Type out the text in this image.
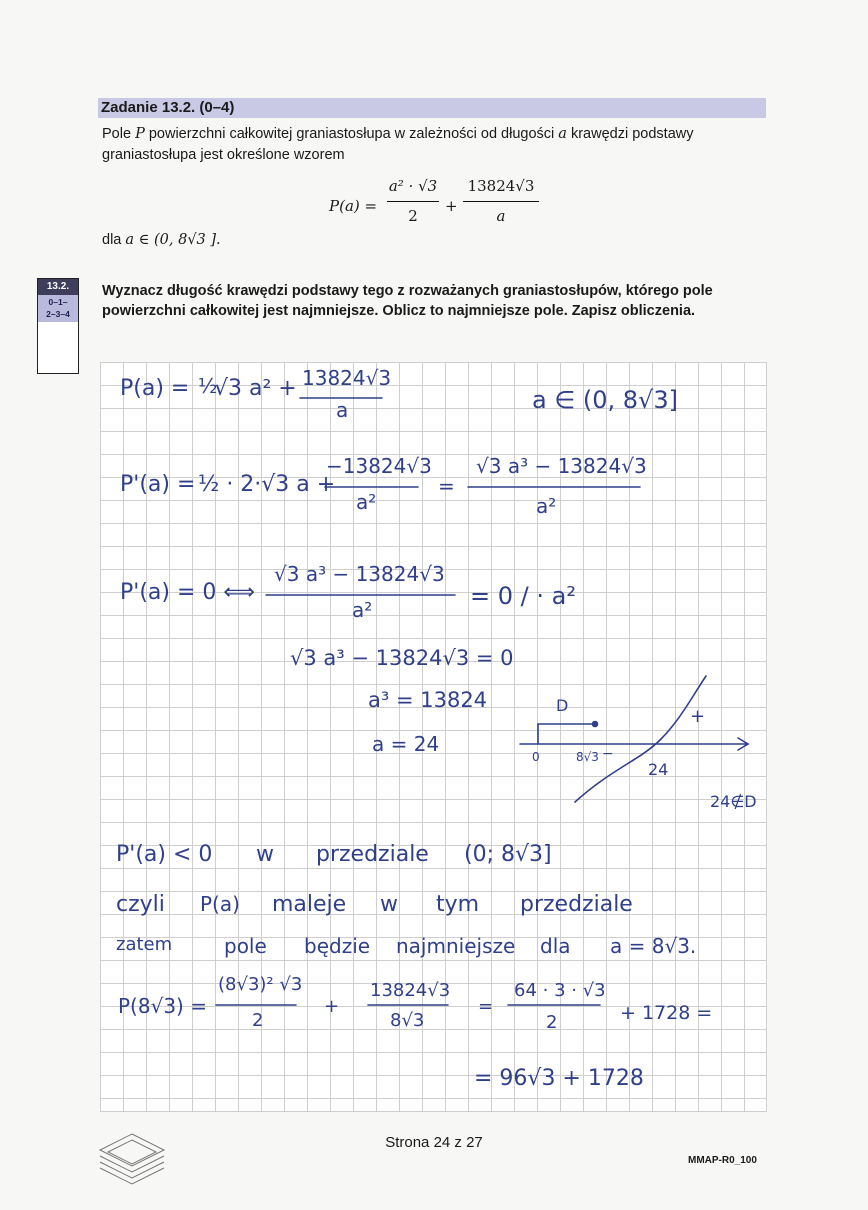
Zadanie 13.2. (0–4)
Pole P powierzchni całkowitej graniastosłupa w zależności od długości a krawędzi podstawy graniastosłupa jest określone wzorem
P(a) =
a² · √3
2
+
13824√3
a
dla a ∈ (0, 8√3 ].
13.2.
0–1–
2–3–4
Wyznacz długość krawędzi podstawy tego z rozważanych graniastosłupów, którego pole powierzchni całkowitej jest najmniejsze. Oblicz to najmniejsze pole. Zapisz obliczenia.
P(a) = ½
√3 a² + 13824√3
a	a ∈ (0, 8√3]
P'(a) = ½ · 2·√3 a +
−13824√3
a²
=
√3 a³ − 13824√3
a²
P'(a) = 0 ⟺
√3 a³ − 13824√3
a²	= 0 / · a²
√3 a³ − 13824√3 = 0
a³ = 13824
a = 24
D
+
0	8√3 −
24
24∉D
P'(a) < 0 w przedziale (0; 8√3]
czyli P(a) maleje w tym przedziale
zatem	pole będzie najmniejsze dla a = 8√3.
P(8√3) =
(8√3)² √3
2
+
13824√3
8√3
=
64 · 3 · √3
2	+ 1728 =
= 96√3 + 1728
Strona 24 z 27
MMAP-R0_100
